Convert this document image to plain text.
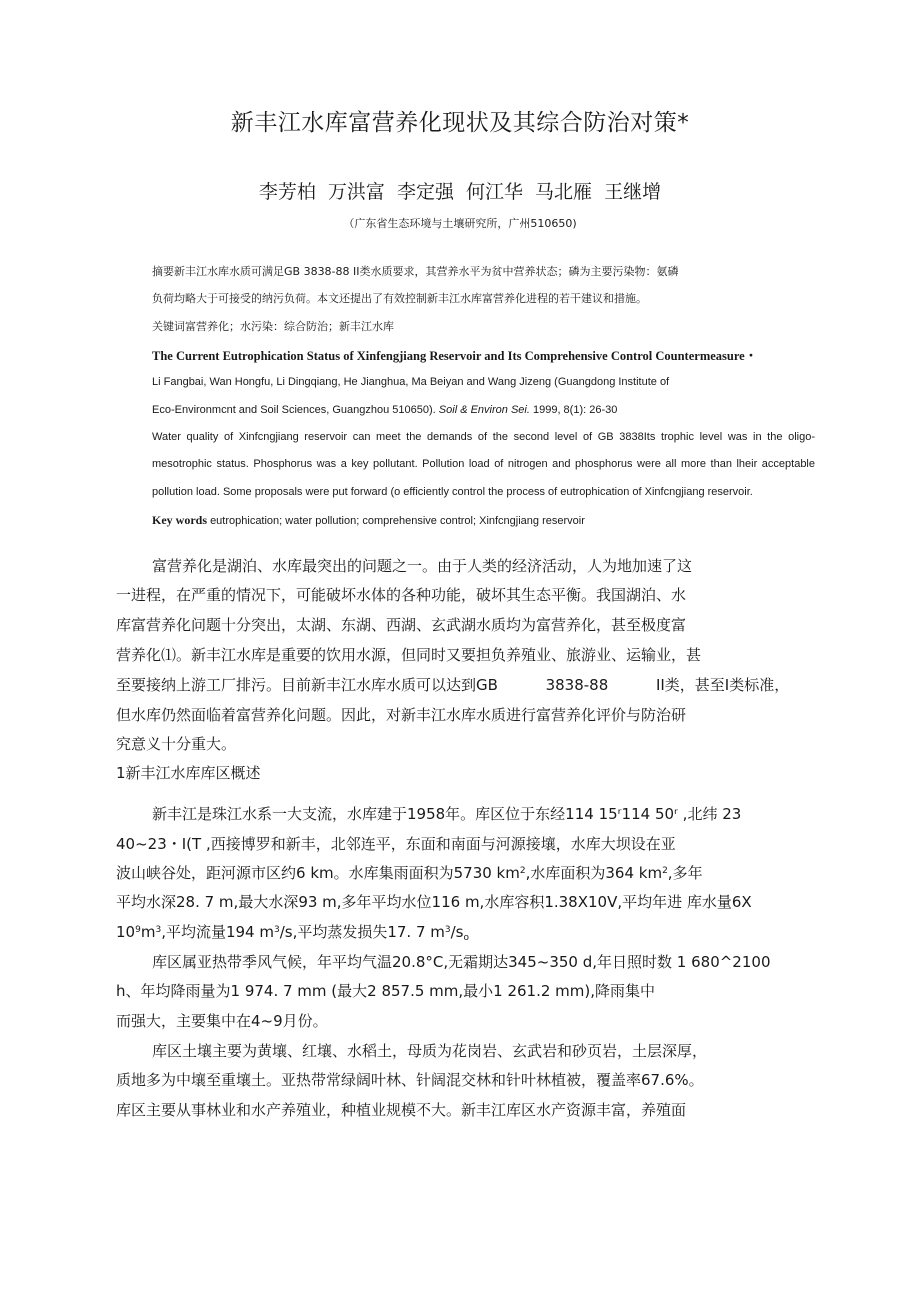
新丰江水库富营养化现状及其综合防治对策*
李芳柏 万洪富 李定强 何江华 马北雁 王继增
（广东省生态环境与土壤研究所，广州510650)
摘要新丰江水库水质可满足GB 3838-88 II类水质要求，其营养水平为贫中营养状态；磷为主要污染物：氨磷
负荷均略大于可接受的纳污负荷。本文还提出了有效控制新丰江水库富营养化进程的若干建议和措施。
关键词富营养化；水污染：综合防治；新丰江水库
The Current Eutrophication Status of Xinfengjiang Reservoir and Its Comprehensive Control Countermeasure・
Li Fangbai, Wan Hongfu, Li Dingqiang, He Jianghua, Ma Beiyan and Wang Jizeng (Guangdong Institute of
Eco-Environmcnt and Soil Sciences, Guangzhou 510650). Soil & Environ Sei. 1999, 8(1): 26-30
Water quality of Xinfcngjiang reservoir can meet the demands of the second level of GB 3838Its trophic level was in the oligo-
mesotrophic status. Phosphorus was a key pollutant. Pollution load of nitrogen and phosphorus were all more than lheir acceptable
pollution load. Some proposals were put forward (o efficiently control the process of eutrophication of Xinfcngjiang reservoir.
Key words eutrophication; water pollution; comprehensive control; Xinfcngjiang reservoir
富营养化是湖泊、水库最突出的问题之一。由于人类的经济活动，人为地加速了这
一进程，在严重的情况下，可能破坏水体的各种功能，破坏其生态平衡。我国湖泊、水
库富营养化问题十分突出，太湖、东湖、西湖、玄武湖水质均为富营养化，甚至极度富
营养化⑴。新丰江水库是重要的饮用水源，但同时又要担负养殖业、旅游业、运输业，甚
至要接纳上游工厂排污。目前新丰江水库水质可以达到GB          3838-88          II类，甚至I类标准，
但水库仍然面临着富营养化问题。因此，对新丰江水库水质进行富营养化评价与防治研
究意义十分重大。
1新丰江水库库区概述
新丰江是珠江水系一大支流，水库建于1958年。库区位于东经114 15ʳ114 50ʳ ,北纬 23
40~23・I(T ,西接博罗和新丰，北邻连平，东面和南面与河源接壤，水库大坝设在亚
波山峡谷处，距河源市区约6 km。水库集雨面积为5730 $km^2$,水库面积为364 $km^2$,多年
平均水深28. 7 m,最大水深93 m,多年平均水位116 m,水库容积1.38X10V,平均年进 库水量6X
$10^9m^3$,平均流量194 $m^3/s$,平均蒸发损失17. 7 $m^3/s_o$
库区属亚热带季风气候，年平均气温20.8°C,无霜期达345~350 d,年日照时数 1 680^2100
h、年均降雨量为1 974. 7 mm (最大2 857.5 mm,最小1 261.2 mm),降雨集中
而强大，主要集中在4~9月份。
库区土壤主要为黄壤、红壤、水稻土，母质为花岗岩、玄武岩和砂页岩，土层深厚，
质地多为中壤至重壤土。亚热带常绿阔叶林、针阔混交林和针叶林植被，覆盖率67.6%。
库区主要从事林业和水产养殖业，种植业规模不大。新丰江库区水产资源丰富，养殖面
